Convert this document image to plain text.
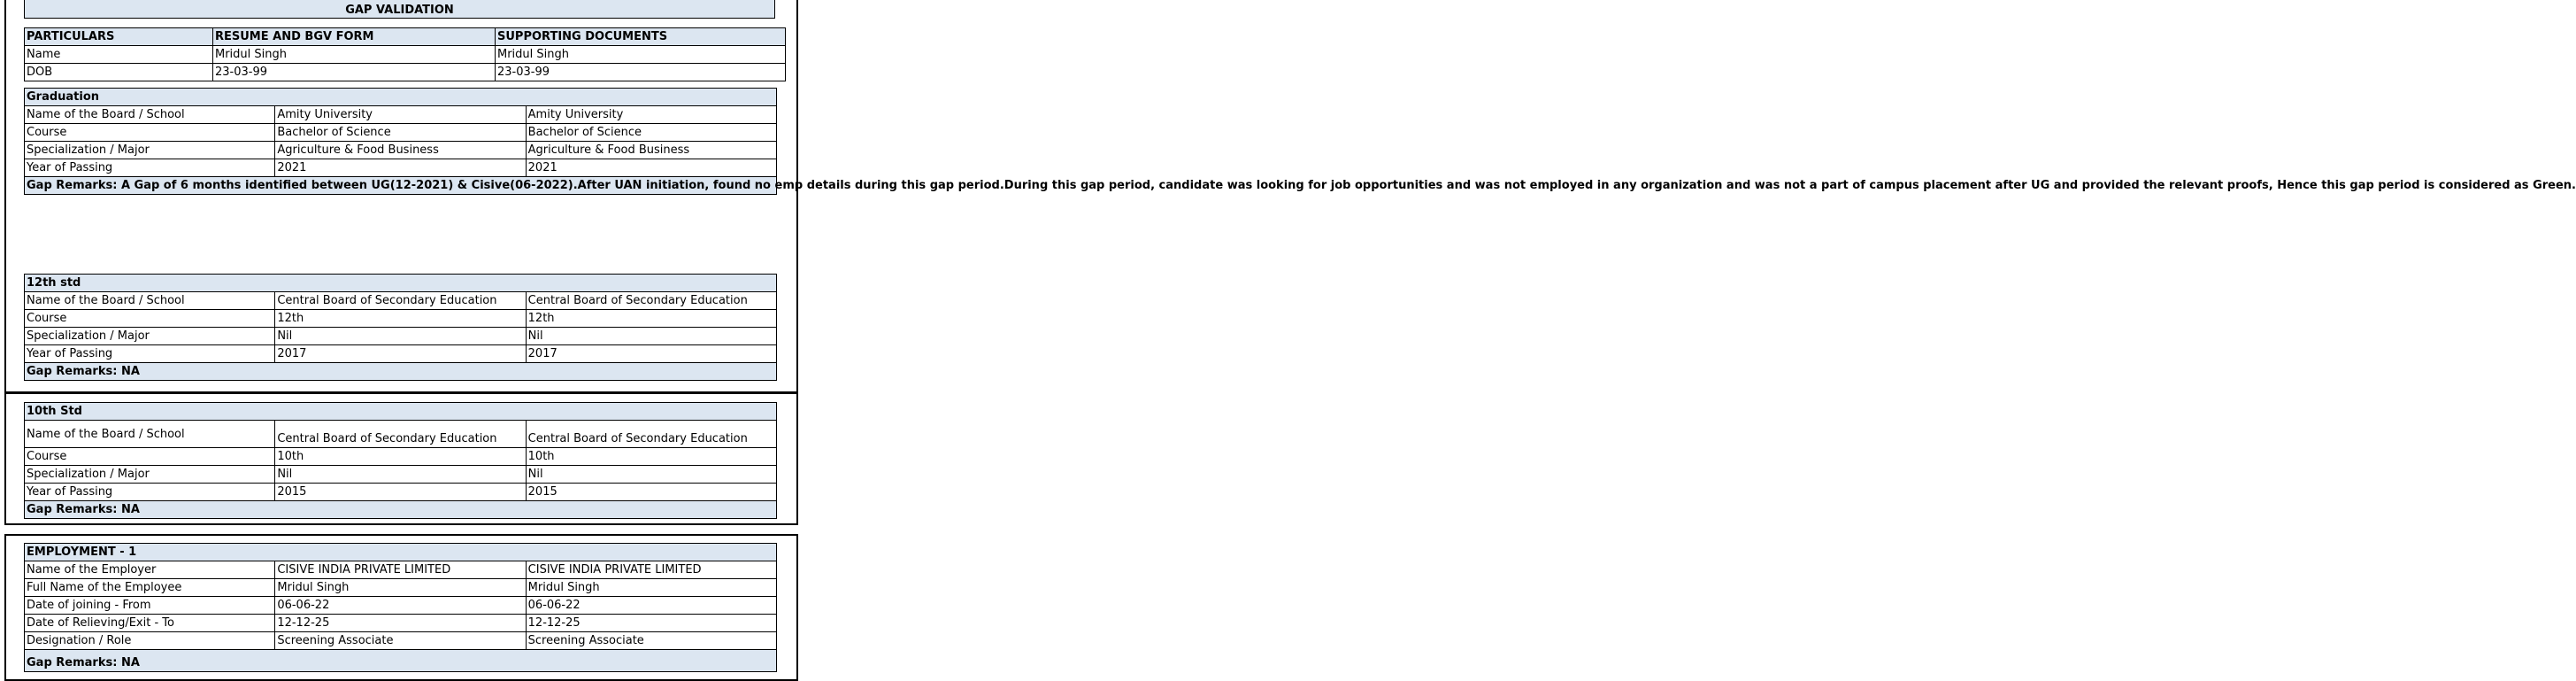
GAP VALIDATION
PARTICULARS	RESUME AND BGV FORM	SUPPORTING DOCUMENTS
Name	Mridul Singh	Mridul Singh
DOB	23-03-99	23-03-99
Graduation		
Name of the Board / School	Amity University	Amity University
Course	Bachelor of Science	Bachelor of Science
Specialization / Major	Agriculture & Food Business	Agriculture & Food Business
Year of Passing	2021	2021
Gap Remarks: A Gap of 6 months identified between UG(12-2021) & Cisive(06-2022).After UAN initiation, found no emp details during this gap period.During this gap period, candidate was looking for job opportunities and was not employed in any organization and was not a part of campus placement after UG and provided the relevant proofs, Hence this gap period is considered as Green.		
12th std		
Name of the Board / School	Central Board of Secondary Education	Central Board of Secondary Education
Course	12th	12th
Specialization / Major	Nil	Nil
Year of Passing	2017	2017
Gap Remarks: NA		
10th Std		
Name of the Board / School	Central Board of Secondary Education	Central Board of Secondary Education
Course	10th	10th
Specialization / Major	Nil	Nil
Year of Passing	2015	2015
Gap Remarks: NA		
EMPLOYMENT - 1		
Name of the Employer	CISIVE INDIA PRIVATE LIMITED	CISIVE INDIA PRIVATE LIMITED
Full Name of the Employee	Mridul Singh	Mridul Singh
Date of joining - From	06-06-22	06-06-22
Date of Relieving/Exit - To	12-12-25	12-12-25
Designation / Role	Screening Associate	Screening Associate
Gap Remarks: NA		
